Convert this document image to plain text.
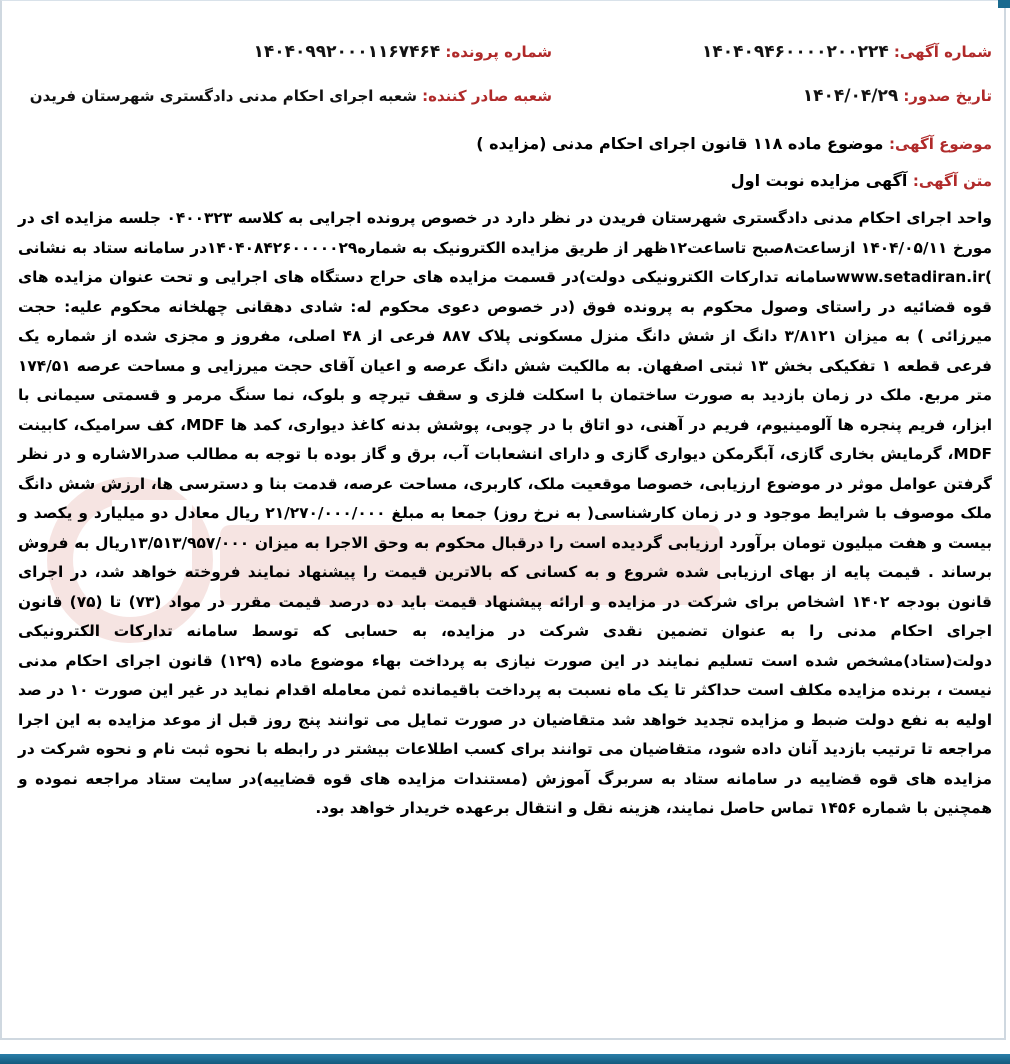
شماره آگهی: ۱۴۰۴۰۹۴۶۰۰۰۰۲۰۰۲۲۴
شماره پرونده: ۱۴۰۴۰۹۹۲۰۰۰۱۱۶۷۴۶۴
تاریخ صدور: ۱۴۰۴/۰۴/۲۹
شعبه صادر کننده: شعبه اجرای احکام مدنی دادگستری شهرستان فریدن
موضوع آگهی: موضوع ماده ۱۱۸ قانون اجرای احکام مدنی (مزایده )
متن آگهی: آگهی مزایده نوبت اول
واحد اجرای احکام مدنی دادگستری شهرستان فریدن در نظر دارد در خصوص پرونده اجرایی به کلاسه ۰۴۰۰۳۲۳ جلسه مزایده ای در مورخ ۱۴۰۴/۰۵/۱۱ ازساعت۸صبح تاساعت۱۲ظهر از طریق مزایده الکترونیک به شماره۱۴۰۴۰۸۴۲۶۰۰۰۰۰۲۹در سامانه ستاد به نشانی )www.setadiran.irسامانه تدارکات الکترونیکی دولت)در قسمت مزایده های حراج دستگاه های اجرایی و تحت عنوان مزایده های قوه قضائیه در راستای وصول محکوم به پرونده فوق (در خصوص دعوی محکوم له: شادی دهقانی چهلخانه محکوم علیه: حجت میرزائی ) به میزان ۳/۸۱۲۱ دانگ از شش دانگ منزل مسکونی پلاک ۸۸۷ فرعی از ۴۸ اصلی، مفروز و مجزی شده از شماره یک فرعی قطعه ۱ تفکیکی بخش ۱۳ ثبتی اصفهان. به مالکیت شش دانگ عرصه و اعیان آقای حجت میرزایی و مساحت عرصه ۱۷۴/۵۱ متر مربع. ملک در زمان بازدید به صورت ساختمان با اسکلت فلزی و سقف تیرچه و بلوک، نما سنگ مرمر و قسمتی سیمانی با ابزار، فریم پنجره ها آلومینیوم، فریم در آهنی، دو اتاق با در چوبی، پوشش بدنه کاغذ دیواری، کمد ها MDF، کف سرامیک، کابینت MDF، گرمایش بخاری گازی، آبگرمکن دیواری گازی و دارای انشعابات آب، برق و گاز بوده با توجه به مطالب صدرالاشاره و در نظر گرفتن عوامل موثر در موضوع ارزیابی، خصوصا موقعیت ملک، کاربری، مساحت عرصه، قدمت بنا و دسترسی ها، ارزش شش دانگ ملک موصوف با شرایط موجود و در زمان کارشناسی( به نرخ روز) جمعا به مبلغ ۲۱/۲۷۰/۰۰۰/۰۰۰ ریال معادل دو میلیارد و یکصد و بیست و هفت میلیون تومان برآورد ارزیابی گردیده است را درقبال محکوم به وحق الاجرا به میزان ۱۳/۵۱۳/۹۵۷/۰۰۰ریال به فروش برساند . قیمت پایه از بهای ارزیابی شده شروع و به کسانی که بالاترین قیمت را پیشنهاد نمایند فروخته خواهد شد، در اجرای قانون بودجه ۱۴۰۲ اشخاص برای شرکت در مزایده و ارائه پیشنهاد قیمت باید ده درصد قیمت مقرر در مواد (۷۳) تا (۷۵) قانون اجرای احکام مدنی را به عنوان تضمین نقدی شرکت در مزایده، به حسابی که توسط سامانه تدارکات الکترونیکی دولت(ستاد)مشخص شده است تسلیم نمایند در این صورت نیازی به پرداخت بهاء موضوع ماده (۱۲۹) قانون اجرای احکام مدنی نیست ، برنده مزایده مکلف است حداکثر تا یک ماه نسبت به پرداخت باقیمانده ثمن معامله اقدام نماید در غیر این صورت ۱۰ در صد اولیه به نفع دولت ضبط و مزایده تجدید خواهد شد متقاضیان در صورت تمایل می توانند پنج روز قبل از موعد مزایده به این اجرا مراجعه تا ترتیب بازدید آنان داده شود، متقاضیان می توانند برای کسب اطلاعات بیشتر در رابطه با نحوه ثبت نام و نحوه شرکت در مزایده های قوه قضاییه در سامانه ستاد به سربرگ آموزش (مستندات مزایده های قوه قضاییه)در سایت ستاد مراجعه نموده و همچنین با شماره ۱۴۵۶ تماس حاصل نمایند، هزینه نقل و انتقال برعهده خریدار خواهد بود.
